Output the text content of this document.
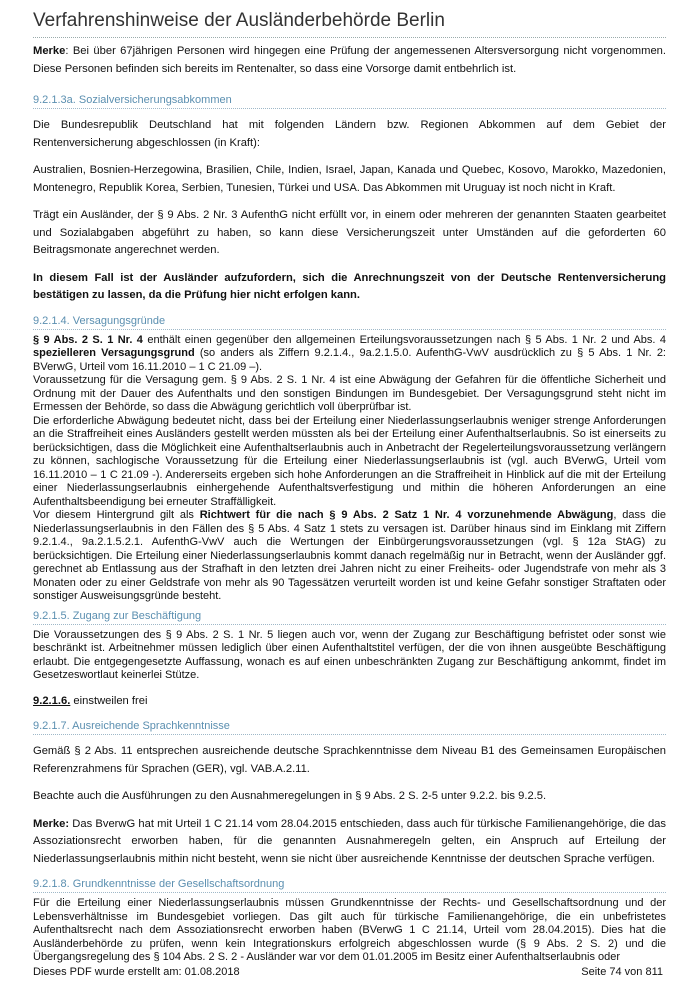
Verfahrenshinweise der Ausländerbehörde Berlin

Merke: Bei über 67jährigen Personen wird hingegen eine Prüfung der angemessenen Altersversorgung nicht vorgenommen. Diese Personen befinden sich bereits im Rentenalter, so dass eine Vorsorge damit entbehrlich ist.

9.2.1.3a. Sozialversicherungsabkommen

Die Bundesrepublik Deutschland hat mit folgenden Ländern bzw. Regionen Abkommen auf dem Gebiet der Rentenversicherung abgeschlossen (in Kraft):

Australien, Bosnien-Herzegowina, Brasilien, Chile, Indien, Israel, Japan, Kanada und Quebec, Kosovo, Marokko, Mazedonien, Montenegro, Republik Korea, Serbien, Tunesien, Türkei und USA. Das Abkommen mit Uruguay ist noch nicht in Kraft.

Trägt ein Ausländer, der § 9 Abs. 2 Nr. 3 AufenthG nicht erfüllt vor, in einem oder mehreren der genannten Staaten gearbeitet und Sozialabgaben abgeführt zu haben, so kann diese Versicherungszeit unter Umständen auf die geforderten 60 Beitragsmonate angerechnet werden.

In diesem Fall ist der Ausländer aufzufordern, sich die Anrechnungszeit von der Deutsche Rentenversicherung bestätigen zu lassen, da die Prüfung hier nicht erfolgen kann.

9.2.1.4. Versagungsgründe

§ 9 Abs. 2 S. 1 Nr. 4 enthält einen gegenüber den allgemeinen Erteilungsvoraussetzungen nach § 5 Abs. 1 Nr. 2 und Abs. 4 spezielleren Versagungsgrund (so anders als Ziffern 9.2.1.4., 9a.2.1.5.0. AufenthG-VwV ausdrücklich zu § 5 Abs. 1 Nr. 2: BVerwG, Urteil vom 16.11.2010 – 1 C 21.09 –).

Voraussetzung für die Versagung gem. § 9 Abs. 2 S. 1 Nr. 4 ist eine Abwägung der Gefahren für die öffentliche Sicherheit und Ordnung mit der Dauer des Aufenthalts und den sonstigen Bindungen im Bundesgebiet. Der Versagungsgrund steht nicht im Ermessen der Behörde, so dass die Abwägung gerichtlich voll überprüfbar ist.

Die erforderliche Abwägung bedeutet nicht, dass bei der Erteilung einer Niederlassungserlaubnis weniger strenge Anforderungen an die Straffreiheit eines Ausländers gestellt werden müssten als bei der Erteilung einer Aufenthaltserlaubnis. So ist einerseits zu berücksichtigen, dass die Möglichkeit eine Aufenthaltserlaubnis auch in Anbetracht der Regelerteilungsvoraussetzung verlängern zu können, sachlogische Voraussetzung für die Erteilung einer Niederlassungserlaubnis ist (vgl. auch BVerwG, Urteil vom 16.11.2010 – 1 C 21.09 -). Andererseits ergeben sich hohe Anforderungen an die Straffreiheit in Hinblick auf die mit der Erteilung einer Niederlassungserlaubnis einhergehende Aufenthaltsverfestigung und mithin die höheren Anforderungen an eine Aufenthaltsbeendigung bei erneuter Straffälligkeit.

Vor diesem Hintergrund gilt als Richtwert für die nach § 9 Abs. 2 Satz 1 Nr. 4 vorzunehmende Abwägung, dass die Niederlassungserlaubnis in den Fällen des § 5 Abs. 4 Satz 1 stets zu versagen ist. Darüber hinaus sind im Einklang mit Ziffern 9.2.1.4., 9a.2.1.5.2.1. AufenthG-VwV auch die Wertungen der Einbürgerungsvoraussetzungen (vgl. § 12a StAG) zu berücksichtigen. Die Erteilung einer Niederlassungserlaubnis kommt danach regelmäßig nur in Betracht, wenn der Ausländer ggf. gerechnet ab Entlassung aus der Strafhaft in den letzten drei Jahren nicht zu einer Freiheits- oder Jugendstrafe von mehr als 3 Monaten oder zu einer Geldstrafe von mehr als 90 Tagessätzen verurteilt worden ist und keine Gefahr sonstiger Straftaten oder sonstiger Ausweisungsgründe besteht.

9.2.1.5. Zugang zur Beschäftigung

Die Voraussetzungen des § 9 Abs. 2 S. 1 Nr. 5 liegen auch vor, wenn der Zugang zur Beschäftigung befristet oder sonst wie beschränkt ist. Arbeitnehmer müssen lediglich über einen Aufenthaltstitel verfügen, der die von ihnen ausgeübte Beschäftigung erlaubt. Die entgegengesetzte Auffassung, wonach es auf einen unbeschränkten Zugang zur Beschäftigung ankommt, findet im Gesetzeswortlaut keinerlei Stütze.

9.2.1.6. einstweilen frei

9.2.1.7. Ausreichende Sprachkenntnisse

Gemäß § 2 Abs. 11 entsprechen ausreichende deutsche Sprachkenntnisse dem Niveau B1 des Gemeinsamen Europäischen Referenzrahmens für Sprachen (GER), vgl. VAB.A.2.11.

Beachte auch die Ausführungen zu den Ausnahmeregelungen in § 9 Abs. 2 S. 2-5 unter 9.2.2. bis 9.2.5.

Merke: Das BverwG hat mit Urteil 1 C 21.14 vom 28.04.2015 entschieden, dass auch für türkische Familienangehörige, die das Assoziationsrecht erworben haben, für die genannten Ausnahmeregeln gelten, ein Anspruch auf Erteilung der Niederlassungserlaubnis mithin nicht besteht, wenn sie nicht über ausreichende Kenntnisse der deutschen Sprache verfügen.

9.2.1.8. Grundkenntnisse der Gesellschaftsordnung

Für die Erteilung einer Niederlassungserlaubnis müssen Grundkenntnisse der Rechts- und Gesellschaftsordnung und der Lebensverhältnisse im Bundesgebiet vorliegen. Das gilt auch für türkische Familienangehörige, die ein unbefristetes Aufenthaltsrecht nach dem Assoziationsrecht erworben haben (BVerwG 1 C 21.14, Urteil vom 28.04.2015). Dies hat die Ausländerbehörde zu prüfen, wenn kein Integrationskurs erfolgreich abgeschlossen wurde (§ 9 Abs. 2 S. 2) und die Übergangsregelung des § 104 Abs. 2 S. 2 - Ausländer war vor dem 01.01.2005 im Besitz einer Aufenthaltserlaubnis oder

Dieses PDF wurde erstellt am: 01.08.2018	Seite 74 von 811
